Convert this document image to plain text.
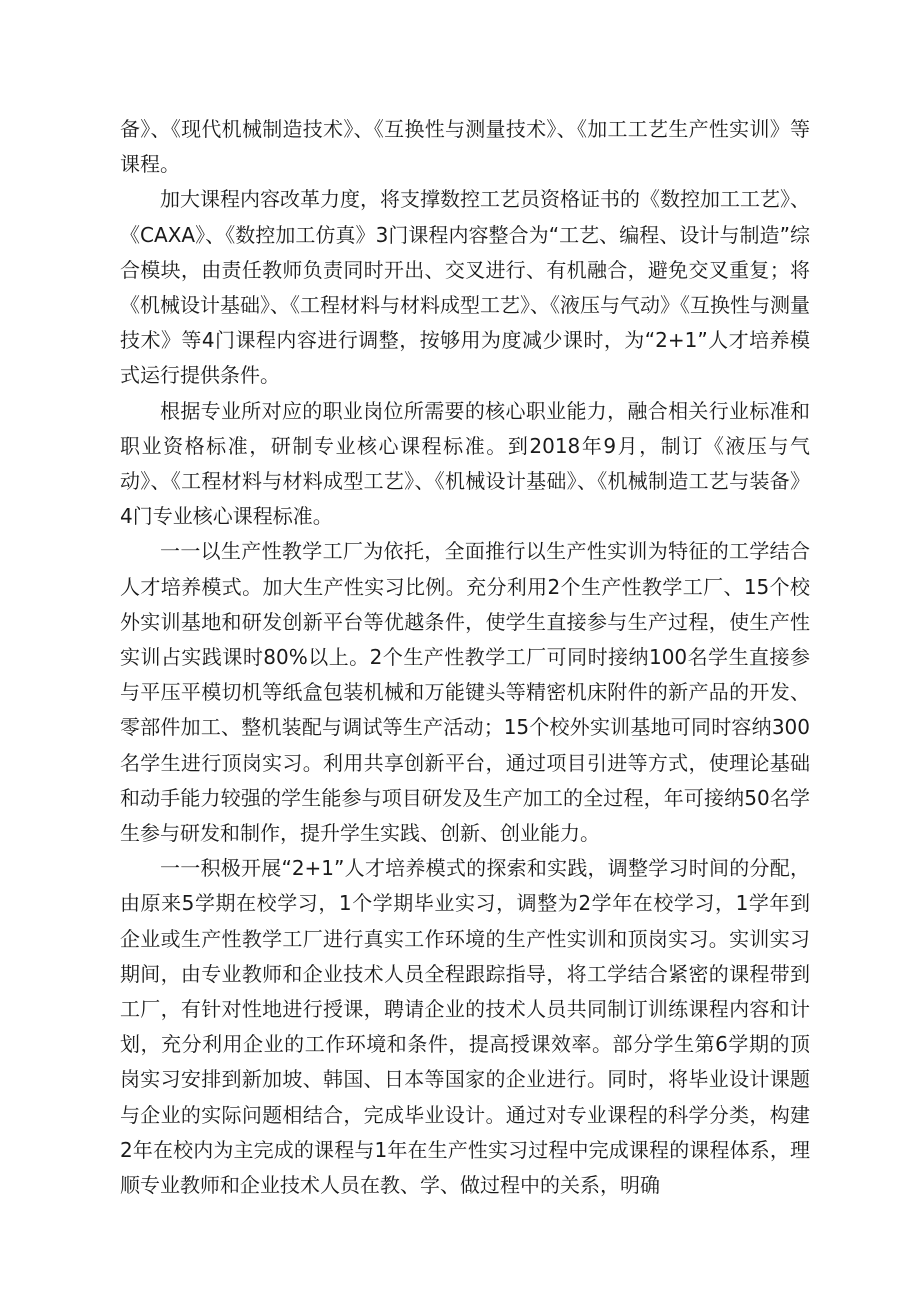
备》、《现代机械制造技术》、《互换性与测量技术》、《加工工艺生产性实训》等课程。

加大课程内容改革力度，将支撑数控工艺员资格证书的《数控加工工艺》、《CAXA》、《数控加工仿真》3门课程内容整合为“工艺、编程、设计与制造”综合模块，由责任教师负责同时开出、交叉进行、有机融合，避免交叉重复；将《机械设计基础》、《工程材料与材料成型工艺》、《液压与气动》《互换性与测量技术》等4门课程内容进行调整，按够用为度减少课时，为“2+1”人才培养模式运行提供条件。

根据专业所对应的职业岗位所需要的核心职业能力，融合相关行业标准和职业资格标准，研制专业核心课程标准。到2018年9月，制订《液压与气动》、《工程材料与材料成型工艺》、《机械设计基础》、《机械制造工艺与装备》4门专业核心课程标准。

一一以生产性教学工厂为依托，全面推行以生产性实训为特征的工学结合人才培养模式。加大生产性实习比例。充分利用2个生产性教学工厂、15个校外实训基地和研发创新平台等优越条件，使学生直接参与生产过程，使生产性实训占实践课时80%以上。2个生产性教学工厂可同时接纳100名学生直接参与平压平模切机等纸盒包装机械和万能键头等精密机床附件的新产品的开发、零部件加工、整机装配与调试等生产活动；15个校外实训基地可同时容纳300名学生进行顶岗实习。利用共享创新平台，通过项目引进等方式，使理论基础和动手能力较强的学生能参与项目研发及生产加工的全过程，年可接纳50名学生参与研发和制作，提升学生实践、创新、创业能力。

一一积极开展“2+1”人才培养模式的探索和实践，调整学习时间的分配，由原来5学期在校学习，1个学期毕业实习，调整为2学年在校学习，1学年到企业或生产性教学工厂进行真实工作环境的生产性实训和顶岗实习。实训实习期间，由专业教师和企业技术人员全程跟踪指导，将工学结合紧密的课程带到工厂，有针对性地进行授课，聘请企业的技术人员共同制订训练课程内容和计划，充分利用企业的工作环境和条件，提高授课效率。部分学生第6学期的顶岗实习安排到新加坡、韩国、日本等国家的企业进行。同时，将毕业设计课题与企业的实际问题相结合，完成毕业设计。通过对专业课程的科学分类，构建2年在校内为主完成的课程与1年在生产性实习过程中完成课程的课程体系，理顺专业教师和企业技术人员在教、学、做过程中的关系，明确
